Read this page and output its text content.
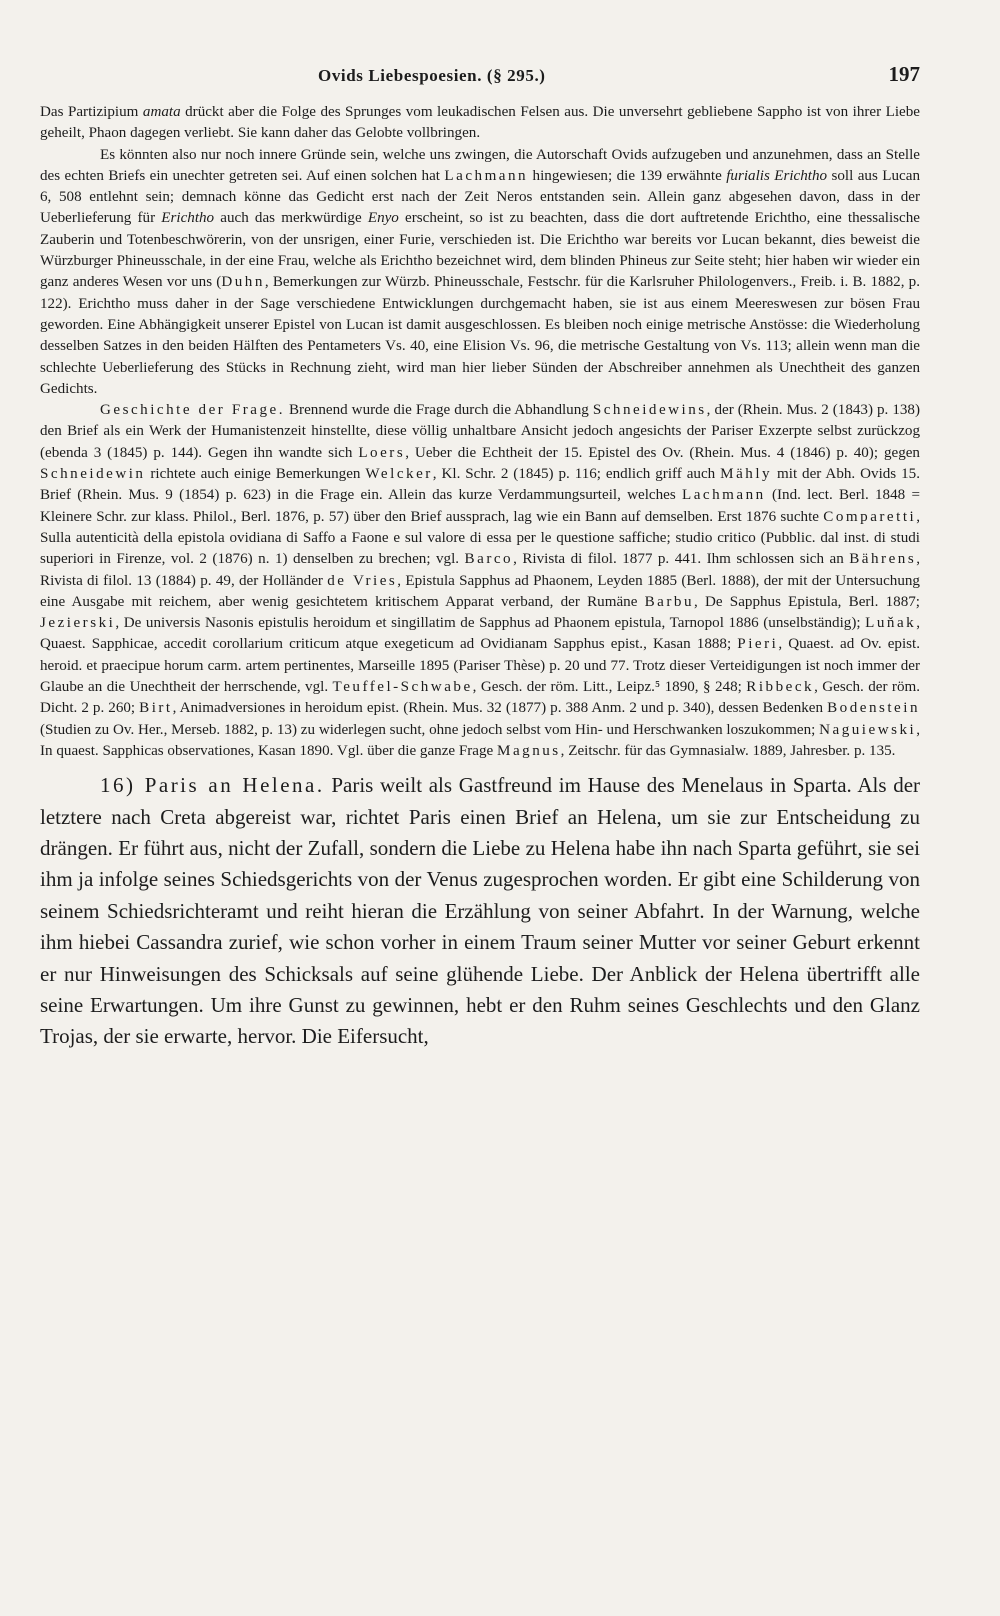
Ovids Liebespoesien. (§ 295.)	197

Das Partizipium amata drückt aber die Folge des Sprunges vom leukadischen Felsen aus. Die unversehrt gebliebene Sappho ist von ihrer Liebe geheilt, Phaon dagegen verliebt. Sie kann daher das Gelobte vollbringen.

Es könnten also nur noch innere Gründe sein, welche uns zwingen, die Autorschaft Ovids aufzugeben und anzunehmen, dass an Stelle des echten Briefs ein unechter getreten sei. Auf einen solchen hat Lachmann hingewiesen; die 139 erwähnte furialis Erichtho soll aus Lucan 6, 508 entlehnt sein; demnach könne das Gedicht erst nach der Zeit Neros entstanden sein. Allein ganz abgesehen davon, dass in der Ueberlieferung für Erichtho auch das merkwürdige Enyo erscheint, so ist zu beachten, dass die dort auftretende Erichtho, eine thessalische Zauberin und Totenbeschwörerin, von der unsrigen, einer Furie, verschieden ist. Die Erichtho war bereits vor Lucan bekannt, dies beweist die Würzburger Phineusschale, in der eine Frau, welche als Erichtho bezeichnet wird, dem blinden Phineus zur Seite steht; hier haben wir wieder ein ganz anderes Wesen vor uns (Duhn, Bemerkungen zur Würzb. Phineusschale, Festschr. für die Karlsruher Philologenvers., Freib. i. B. 1882, p. 122). Erichtho muss daher in der Sage verschiedene Entwicklungen durchgemacht haben, sie ist aus einem Meereswesen zur bösen Frau geworden. Eine Abhängigkeit unserer Epistel von Lucan ist damit ausgeschlossen. Es bleiben noch einige metrische Anstösse: die Wiederholung desselben Satzes in den beiden Hälften des Pentameters Vs. 40, eine Elision Vs. 96, die metrische Gestaltung von Vs. 113; allein wenn man die schlechte Ueberlieferung des Stücks in Rechnung zieht, wird man hier lieber Sünden der Abschreiber annehmen als Unechtheit des ganzen Gedichts.

Geschichte der Frage. Brennend wurde die Frage durch die Abhandlung Schneidewins, der (Rhein. Mus. 2 (1843) p. 138) den Brief als ein Werk der Humanistenzeit hinstellte, diese völlig unhaltbare Ansicht jedoch angesichts der Pariser Exzerpte selbst zurückzog (ebenda 3 (1845) p. 144). Gegen ihn wandte sich Loers, Ueber die Echtheit der 15. Epistel des Ov. (Rhein. Mus. 4 (1846) p. 40); gegen Schneidewin richtete auch einige Bemerkungen Welcker, Kl. Schr. 2 (1845) p. 116; endlich griff auch Mähly mit der Abh. Ovids 15. Brief (Rhein. Mus. 9 (1854) p. 623) in die Frage ein. Allein das kurze Verdammungsurteil, welches Lachmann (Ind. lect. Berl. 1848 = Kleinere Schr. zur klass. Philol., Berl. 1876, p. 57) über den Brief aussprach, lag wie ein Bann auf demselben. Erst 1876 suchte Comparetti, Sulla autenticità della epistola ovidiana di Saffo a Faone e sul valore di essa per le questione saffiche; studio critico (Pubblic. dal inst. di studi superiori in Firenze, vol. 2 (1876) n. 1) denselben zu brechen; vgl. Barco, Rivista di filol. 1877 p. 441. Ihm schlossen sich an Bährens, Rivista di filol. 13 (1884) p. 49, der Holländer de Vries, Epistula Sapphus ad Phaonem, Leyden 1885 (Berl. 1888), der mit der Untersuchung eine Ausgabe mit reichem, aber wenig gesichtetem kritischem Apparat verband, der Rumäne Barbu, De Sapphus Epistula, Berl. 1887; Jezierski, De universis Nasonis epistulis heroidum et singillatim de Sapphus ad Phaonem epistula, Tarnopol 1886 (unselbständig); Luňak, Quaest. Sapphicae, accedit corollarium criticum atque exegeticum ad Ovidianam Sapphus epist., Kasan 1888; Pieri, Quaest. ad Ov. epist. heroid. et praecipue horum carm. artem pertinentes, Marseille 1895 (Pariser Thèse) p. 20 und 77. Trotz dieser Verteidigungen ist noch immer der Glaube an die Unechtheit der herrschende, vgl. Teuffel-Schwabe, Gesch. der röm. Litt., Leipz.⁵ 1890, § 248; Ribbeck, Gesch. der röm. Dicht. 2 p. 260; Birt, Animadversiones in heroidum epist. (Rhein. Mus. 32 (1877) p. 388 Anm. 2 und p. 340), dessen Bedenken Bodenstein (Studien zu Ov. Her., Merseb. 1882, p. 13) zu widerlegen sucht, ohne jedoch selbst vom Hin- und Herschwanken loszukommen; Naguiewski, In quaest. Sapphicas observationes, Kasan 1890. Vgl. über die ganze Frage Magnus, Zeitschr. für das Gymnasialw. 1889, Jahresber. p. 135.

16) Paris an Helena. Paris weilt als Gastfreund im Hause des Menelaus in Sparta. Als der letztere nach Creta abgereist war, richtet Paris einen Brief an Helena, um sie zur Entscheidung zu drängen. Er führt aus, nicht der Zufall, sondern die Liebe zu Helena habe ihn nach Sparta geführt, sie sei ihm ja infolge seines Schiedsgerichts von der Venus zugesprochen worden. Er gibt eine Schilderung von seinem Schiedsrichteramt und reiht hieran die Erzählung von seiner Abfahrt. In der Warnung, welche ihm hiebei Cassandra zurief, wie schon vorher in einem Traum seiner Mutter vor seiner Geburt erkennt er nur Hinweisungen des Schicksals auf seine glühende Liebe. Der Anblick der Helena übertrifft alle seine Erwartungen. Um ihre Gunst zu gewinnen, hebt er den Ruhm seines Geschlechts und den Glanz Trojas, der sie erwarte, hervor. Die Eifersucht,
